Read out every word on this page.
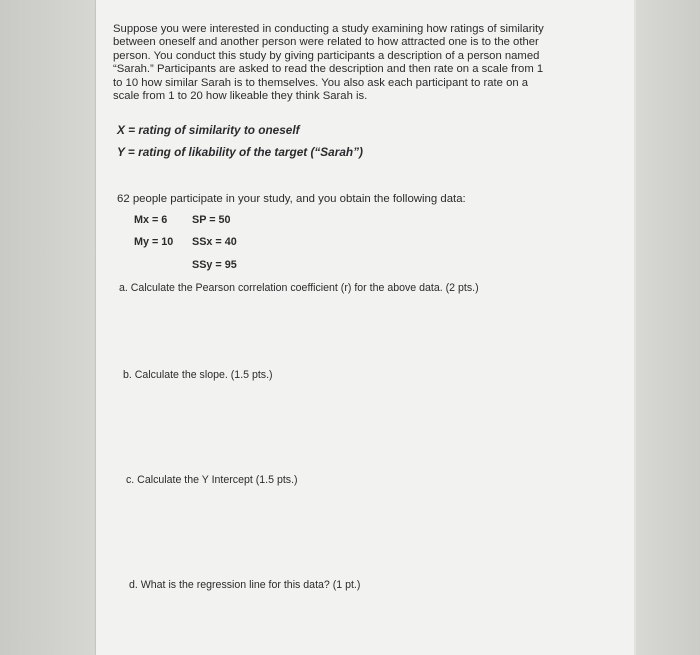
Suppose you were interested in conducting a study examining how ratings of similarity
between oneself and another person were related to how attracted one is to the other
person. You conduct this study by giving participants a description of a person named
“Sarah.” Participants are asked to read the description and then rate on a scale from 1
to 10 how similar Sarah is to themselves. You also ask each participant to rate on a
scale from 1 to 20 how likeable they think Sarah is.
X = rating of similarity to oneself
Y = rating of likability of the target (“Sarah”)
62 people participate in your study, and you obtain the following data:
Mx = 6 SP = 50
My = 10 SSx = 40
SSy = 95
a. Calculate the Pearson correlation coefficient (r) for the above data. (2 pts.)
b. Calculate the slope. (1.5 pts.)
c. Calculate the Y Intercept (1.5 pts.)
d. What is the regression line for this data? (1 pt.)
